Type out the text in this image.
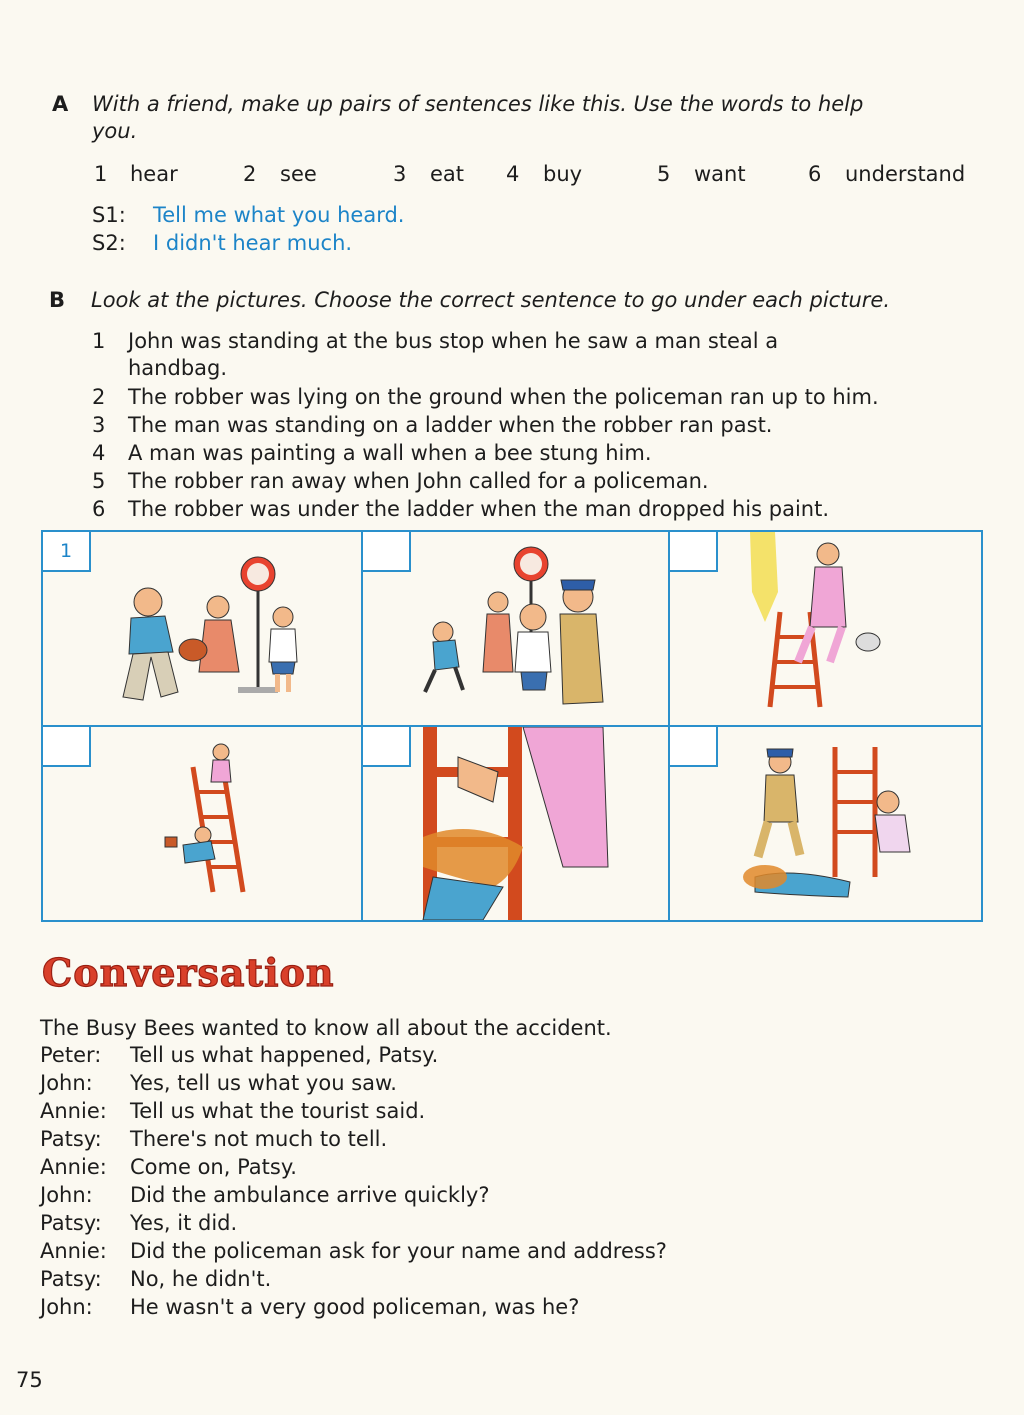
A With a friend, make up pairs of sentences like this. Use the words to help
you.
1 hear	2 see	3 eat 4 buy	5 want	6 understand
S1: Tell me what you heard.
S2: I didn't hear much.
B Look at the pictures. Choose the correct sentence to go under each picture.
1 John was standing at the bus stop when he saw a man steal a
handbag.
2 The robber was lying on the ground when the policeman ran up to him.
3 The man was standing on a ladder when the robber ran past.
4 A man was painting a wall when a bee stung him.
5 The robber ran away when John called for a policeman.
6 The robber was under the ladder when the man dropped his paint.
1
Conversation
The Busy Bees wanted to know all about the accident.
Peter: Tell us what happened, Patsy.
John: Yes, tell us what you saw.
Annie: Tell us what the tourist said.
Patsy: There's not much to tell.
Annie: Come on, Patsy.
John: Did the ambulance arrive quickly?
Patsy: Yes, it did.
Annie: Did the policeman ask for your name and address?
Patsy: No, he didn't.
John: He wasn't a very good policeman, was he?
75
